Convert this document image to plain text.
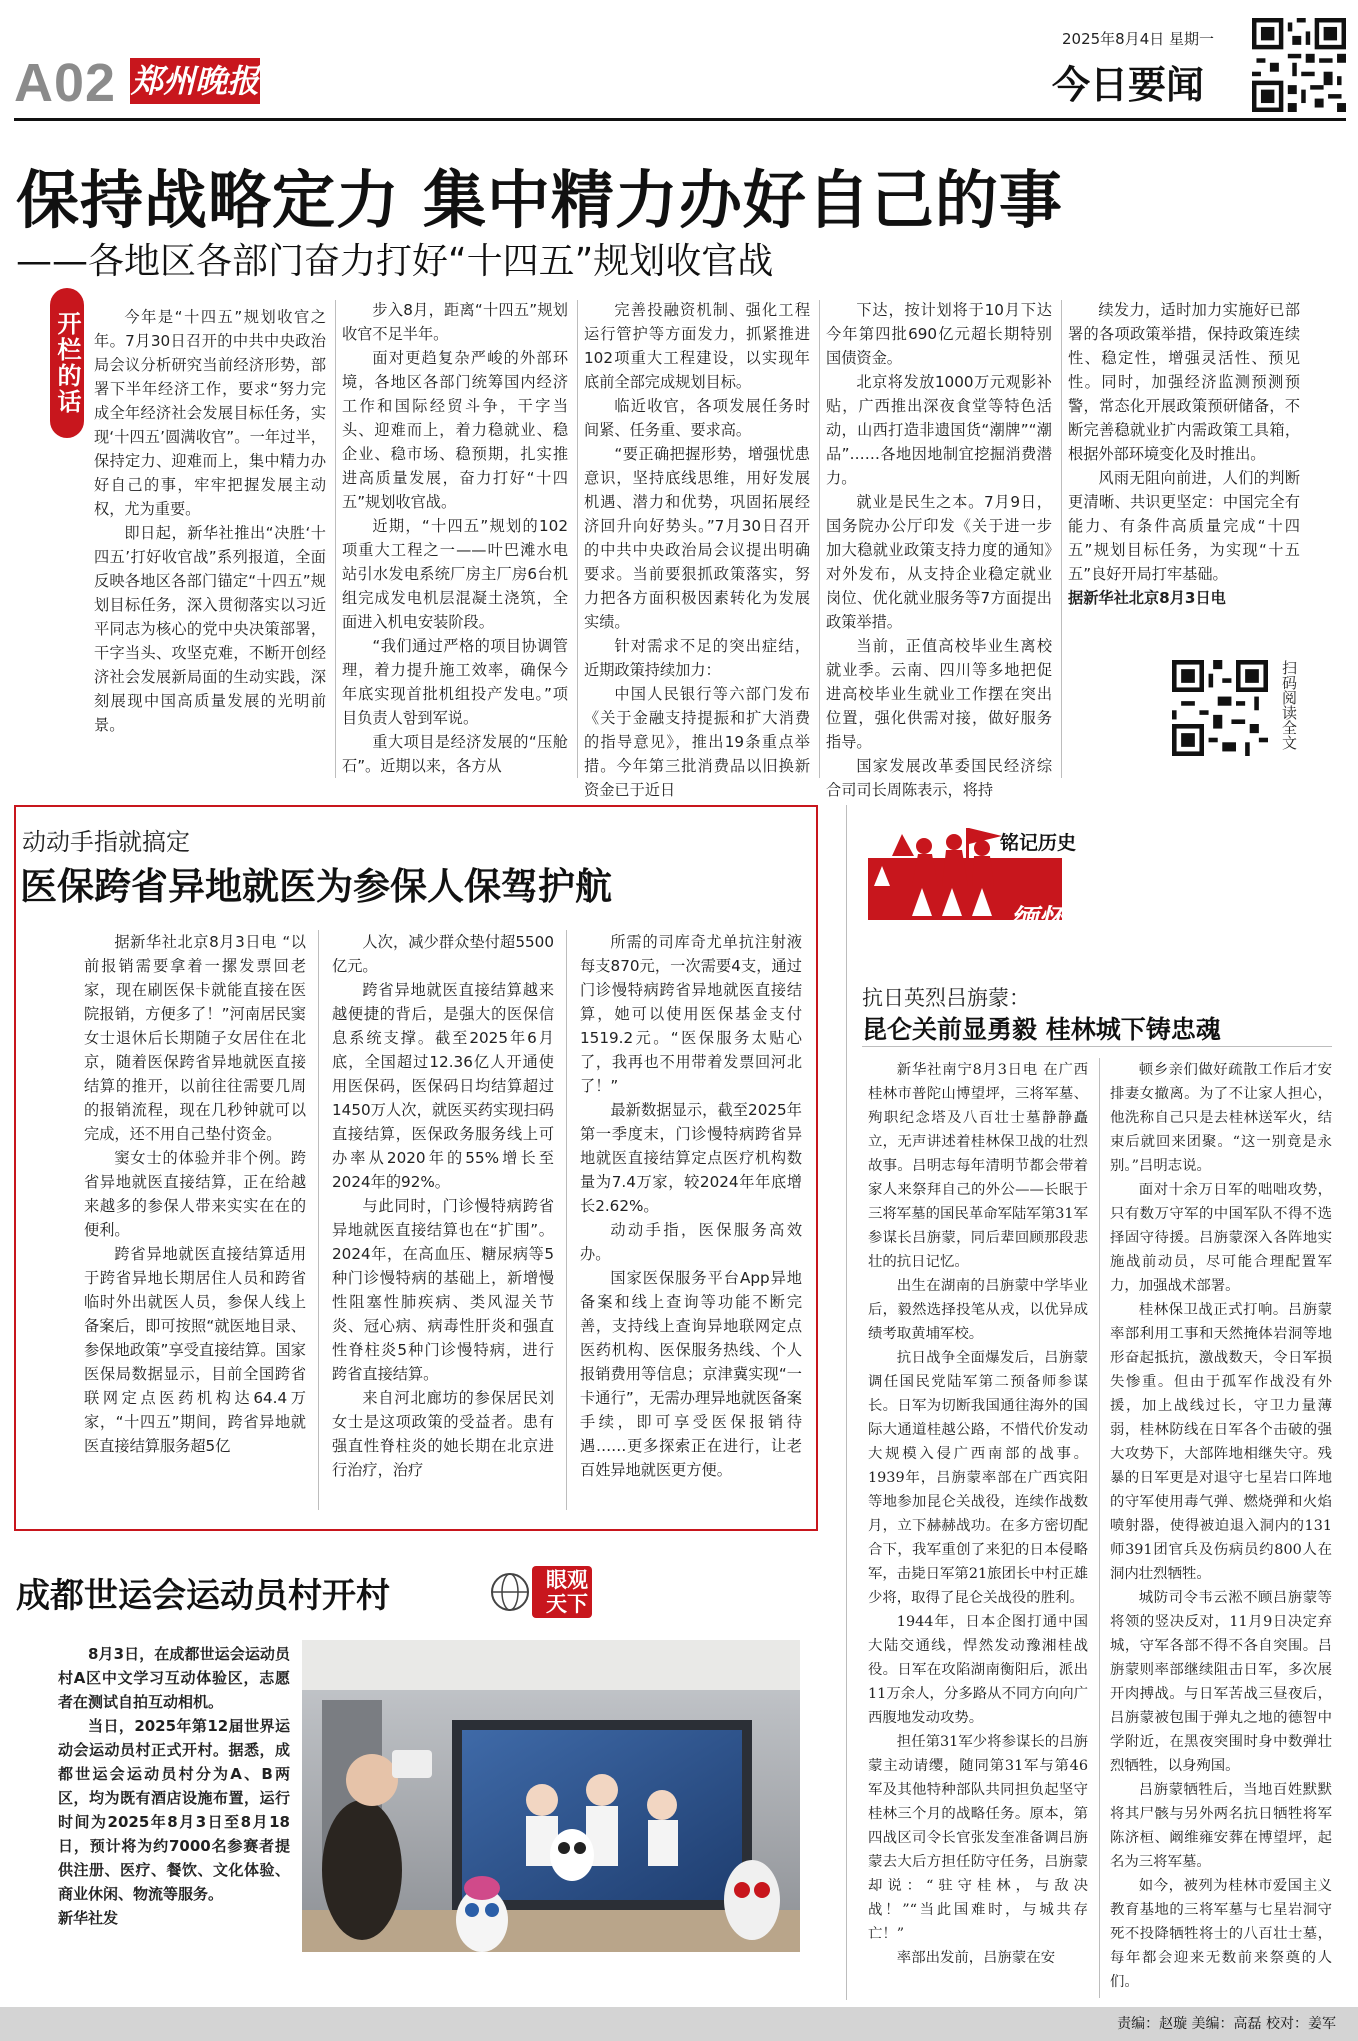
A02 郑州晚报
2025年8月4日 星期一
今日要闻
保持战略定力 集中精力办好自己的事
——各地区各部门奋力打好“十四五”规划收官战
开栏的话	今年是“十四五”规划收官之年。7月30日召开的中共中央政治局会议分析研究当前经济形势，部署下半年经济工作，要求“努力完成全年经济社会发展目标任务，实现‘十四五’圆满收官”。一年过半，保持定力、迎难而上，集中精力办好自己的事，牢牢把握发展主动权，尤为重要。

即日起，新华社推出“决胜‘十四五’打好收官战”系列报道，全面反映各地区各部门锚定“十四五”规划目标任务，深入贯彻落实以习近平同志为核心的党中央决策部署，干字当头、攻坚克难，不断开创经济社会发展新局面的生动实践，深刻展现中国高质量发展的光明前景。

步入8月，距离“十四五”规划收官不足半年。

面对更趋复杂严峻的外部环境，各地区各部门统筹国内经济工作和国际经贸斗争，干字当头、迎难而上，着力稳就业、稳企业、稳市场、稳预期，扎实推进高质量发展，奋力打好“十四五”规划收官战。

近期，“十四五”规划的102项重大工程之一——叶巴滩水电站引水发电系统厂房主厂房6台机组完成发电机层混凝土浇筑，全面进入机电安装阶段。

“我们通过严格的项目协调管理，着力提升施工效率，确保今年底实现首批机组投产发电。”项目负责人함到军说。

重大项目是经济发展的“压舱石”。近期以来，各方从

完善投融资机制、强化工程运行管护等方面发力，抓紧推进102项重大工程建设，以实现年底前全部完成规划目标。

临近收官，各项发展任务时间紧、任务重、要求高。

“要正确把握形势，增强忧患意识，坚持底线思维，用好发展机遇、潜力和优势，巩固拓展经济回升向好势头。”7月30日召开的中共中央政治局会议提出明确要求。当前要狠抓政策落实，努力把各方面积极因素转化为发展实绩。

针对需求不足的突出症结，近期政策持续加力：

中国人民银行等六部门发布《关于金融支持提振和扩大消费的指导意见》，推出19条重点举措。今年第三批消费品以旧换新资金已于近日

下达，按计划将于10月下达今年第四批690亿元超长期特别国债资金。

北京将发放1000万元观影补贴，广西推出深夜食堂等特色活动，山西打造非遗国货“潮牌”“潮品”……各地因地制宜挖掘消费潜力。

就业是民生之本。7月9日，国务院办公厅印发《关于进一步加大稳就业政策支持力度的通知》对外发布，从支持企业稳定就业岗位、优化就业服务等7方面提出政策举措。

当前，正值高校毕业生离校就业季。云南、四川等多地把促进高校毕业生就业工作摆在突出位置，强化供需对接，做好服务指导。

国家发展改革委国民经济综合司司长周陈表示，将持

续发力，适时加力实施好已部署的各项政策举措，保持政策连续性、稳定性，增强灵活性、预见性。同时，加强经济监测预测预警，常态化开展政策预研储备，不断完善稳就业扩内需政策工具箱，根据外部环境变化及时推出。

风雨无阻向前进，人们的判断更清晰、共识更坚定：中国完全有能力、有条件高质量完成“十四五”规划目标任务，为实现“十五五”良好开局打牢基础。

据新华社北京8月3日电

扫码阅读全文
动动手指就搞定
医保跨省异地就医为参保人保驾护航

据新华社北京8月3日电 “以前报销需要拿着一摞发票回老家，现在刷医保卡就能直接在医院报销，方便多了！”河南居民窦女士退休后长期随子女居住在北京，随着医保跨省异地就医直接结算的推开，以前往往需要几周的报销流程，现在几秒钟就可以完成，还不用自己垫付资金。

窦女士的体验并非个例。跨省异地就医直接结算，正在给越来越多的参保人带来实实在在的便利。

跨省异地就医直接结算适用于跨省异地长期居住人员和跨省临时外出就医人员，参保人线上备案后，即可按照“就医地目录、参保地政策”享受直接结算。国家医保局数据显示，目前全国跨省联网定点医药机构达64.4万家，“十四五”期间，跨省异地就医直接结算服务超5亿

人次，减少群众垫付超5500亿元。

跨省异地就医直接结算越来越便捷的背后，是强大的医保信息系统支撑。截至2025年6月底，全国超过12.36亿人开通使用医保码，医保码日均结算超过1450万人次，就医买药实现扫码直接结算，医保政务服务线上可办率从2020年的55%增长至2024年的92%。

与此同时，门诊慢特病跨省异地就医直接结算也在“扩围”。2024年，在高血压、糖尿病等5种门诊慢特病的基础上，新增慢性阻塞性肺疾病、类风湿关节炎、冠心病、病毒性肝炎和强直性脊柱炎5种门诊慢特病，进行跨省直接结算。

来自河北廊坊的参保居民刘女士是这项政策的受益者。患有强直性脊柱炎的她长期在北京进行治疗，治疗

所需的司库奇尤单抗注射液每支870元，一次需要4支，通过门诊慢特病跨省异地就医直接结算，她可以使用医保基金支付1519.2元。“医保服务太贴心了，我再也不用带着发票回河北了！”

最新数据显示，截至2025年第一季度末，门诊慢特病跨省异地就医直接结算定点医疗机构数量为7.4万家，较2024年年底增长2.62%。

动动手指，医保服务高效办。

国家医保服务平台App异地备案和线上查询等功能不断完善，支持线上查询异地联网定点医药机构、医保服务热线、个人报销费用等信息；京津冀实现“一卡通行”，无需办理异地就医备案手续，即可享受医保报销待遇……更多探索正在进行，让老百姓异地就医更方便。

铭记历史
缅怀先烈
抗日英烈吕旃蒙：
昆仑关前显勇毅 桂林城下铸忠魂

新华社南宁8月3日电 在广西桂林市普陀山博望坪，三将军墓、殉职纪念塔及八百壮士墓静静矗立，无声讲述着桂林保卫战的壮烈故事。吕明志每年清明节都会带着家人来祭拜自己的外公——长眠于三将军墓的国民革命军陆军第31军参谋长吕旃蒙，同后辈回顾那段悲壮的抗日记忆。

出生在湖南的吕旃蒙中学毕业后，毅然选择投笔从戎，以优异成绩考取黄埔军校。

抗日战争全面爆发后，吕旃蒙调任国民党陆军第二预备师参谋长。日军为切断我国通往海外的国际大通道桂越公路，不惜代价发动大规模入侵广西南部的战事。1939年，吕旃蒙率部在广西宾阳等地参加昆仑关战役，连续作战数月，立下赫赫战功。在多方密切配合下，我军重创了来犯的日本侵略军，击毙日军第21旅团长中村正雄少将，取得了昆仑关战役的胜利。

1944年，日本企图打通中国大陆交通线，悍然发动豫湘桂战役。日军在攻陷湖南衡阳后，派出11万余人，分多路从不同方向向广西腹地发动攻势。

担任第31军少将参谋长的吕旃蒙主动请缨，随同第31军与第46军及其他特种部队共同担负起坚守桂林三个月的战略任务。原本，第四战区司令长官张发奎准备调吕旃蒙去大后方担任防守任务，吕旃蒙却说：“驻守桂林，与敌决战！”“当此国难时，与城共存亡！”

率部出发前，吕旃蒙在安

顿乡亲们做好疏散工作后才安排妻女撤离。为了不让家人担心，他洗称自己只是去桂林送军火，结束后就回来团聚。“这一别竟是永别。”吕明志说。

面对十余万日军的咄咄攻势，只有数万守军的中国军队不得不选择固守待援。吕旃蒙深入各阵地实施战前动员，尽可能合理配置军力，加强战术部署。

桂林保卫战正式打响。吕旃蒙率部利用工事和天然掩体岩洞等地形奋起抵抗，激战数天，令日军损失惨重。但由于孤军作战没有外援，加上战线过长，守卫力量薄弱，桂林防线在日军各个击破的强大攻势下，大部阵地相继失守。残暴的日军更是对退守七星岩口阵地的守军使用毒气弹、燃烧弹和火焰喷射器，使得被迫退入洞内的131师391团官兵及伤病员约800人在洞内壮烈牺牲。

城防司令韦云淞不顾吕旃蒙等将领的竖决反对，11月9日决定弃城，守军各部不得不各自突围。吕旃蒙则率部继续阻击日军，多次展开肉搏战。与日军苦战三昼夜后，吕旃蒙被包围于弹丸之地的德智中学附近，在黑夜突围时身中数弹壮烈牺牲，以身殉国。

吕旃蒙牺牲后，当地百姓默默将其尸骸与另外两名抗日牺牲将军陈济桓、阚维雍安葬在博望坪，起名为三将军墓。

如今，被列为桂林市爱国主义教育基地的三将军墓与七星岩洞守死不投降牺牲将士的八百壮士墓，每年都会迎来无数前来祭奠的人们。

成都世运会运动员村开村	眼观天下

8月3日，在成都世运会运动员村A区中文学习互动体验区，志愿者在测试自拍互动相机。

当日，2025年第12届世界运动会运动员村正式开村。据悉，成都世运会运动员村分为A、B两区，均为既有酒店设施布置，运行时间为2025年8月3日至8月18日，预计将为约7000名参赛者提供注册、医疗、餐饮、文化体验、商业休闲、物流等服务。

新华社发

责编：赵璇 美编：高磊 校对：姜军
